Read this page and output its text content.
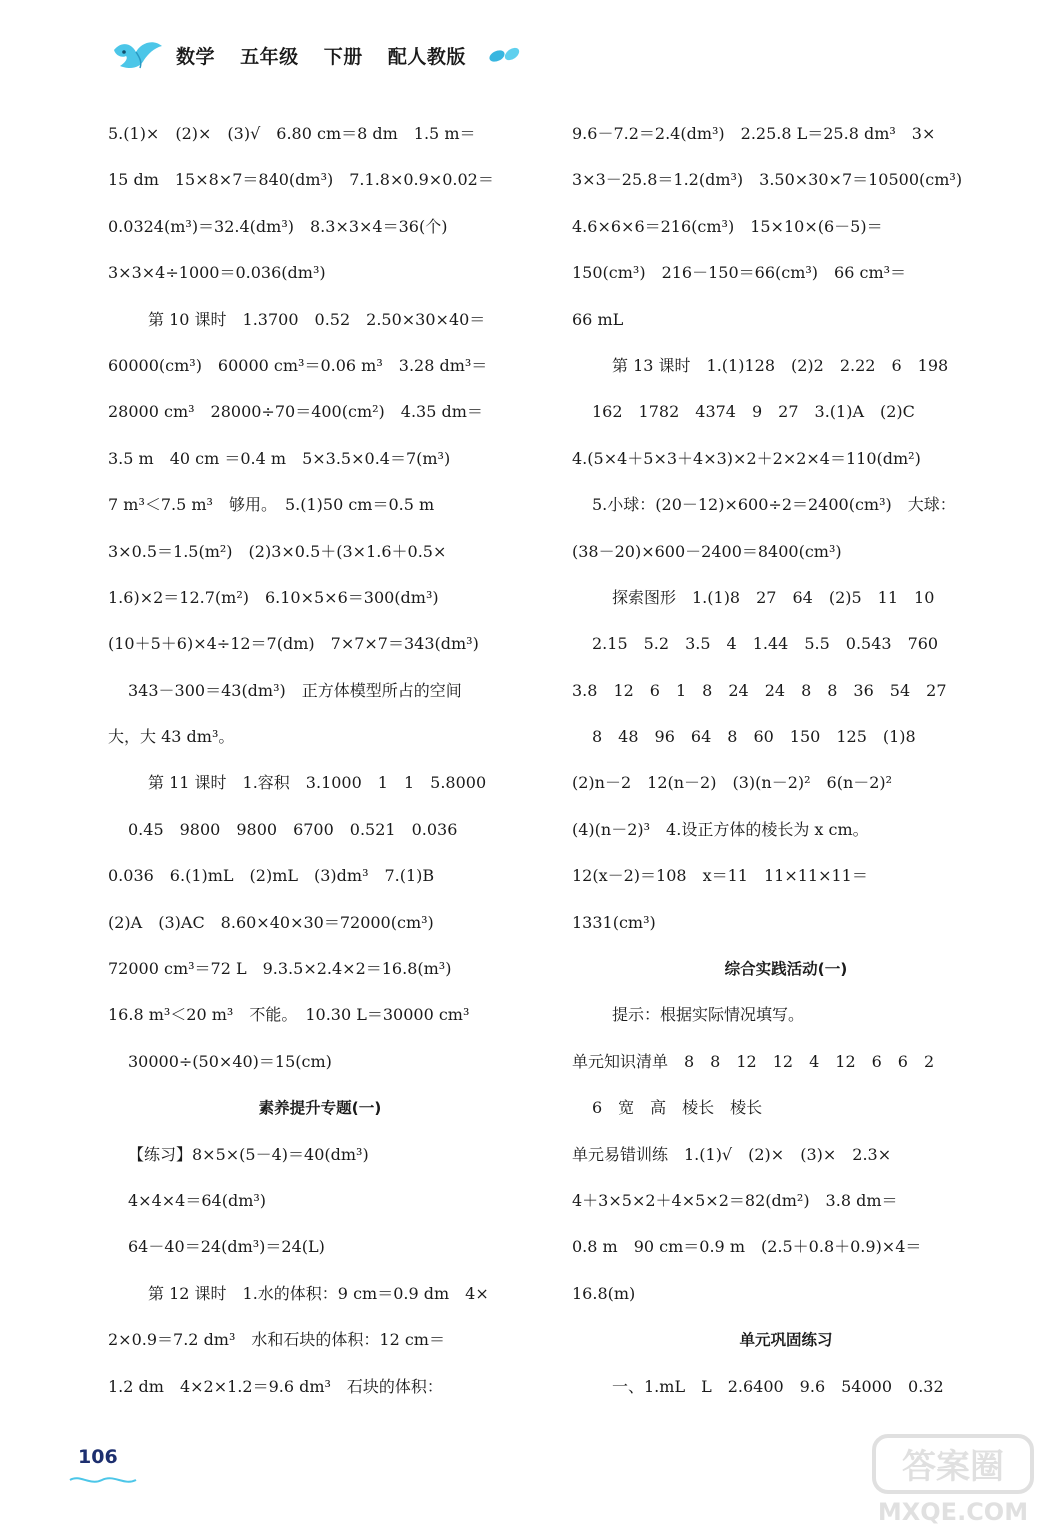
数学 五年级 下册 配人教版
5.(1)×　(2)×　(3)√　6.80 cm＝8 dm　1.5 m＝
15 dm　15×8×7＝840(dm³)　7.1.8×0.9×0.02＝
0.0324(m³)＝32.4(dm³)　8.3×3×4＝36(个)
3×3×4÷1000＝0.036(dm³)
第 10 课时　1.3700　0.52　2.50×30×40＝
60000(cm³)　60000 cm³＝0.06 m³　3.28 dm³＝
28000 cm³　28000÷70＝400(cm²)　4.35 dm＝
3.5 m　40 cm ＝0.4 m　5×3.5×0.4＝7(m³)
7 m³＜7.5 m³　够用。　5.(1)50 cm＝0.5 m
3×0.5＝1.5(m²)　(2)3×0.5＋(3×1.6＋0.5×
1.6)×2＝12.7(m²)　6.10×5×6＝300(dm³)
(10＋5＋6)×4÷12＝7(dm)　7×7×7＝343(dm³)
343－300＝43(dm³)　正方体模型所占的空间
大，大 43 dm³。
第 11 课时　1.容积　3.1000　1　1　5.8000
0.45　9800　9800　6700　0.521　0.036
0.036　6.(1)mL　(2)mL　(3)dm³　7.(1)B
(2)A　(3)AC　8.60×40×30＝72000(cm³)
72000 cm³＝72 L　9.3.5×2.4×2＝16.8(m³)
16.8 m³＜20 m³　不能。　10.30 L＝30000 cm³
30000÷(50×40)＝15(cm)
素养提升专题(一)
【练习】8×5×(5－4)＝40(dm³)
4×4×4＝64(dm³)
64－40＝24(dm³)＝24(L)
第 12 课时　1.水的体积：9 cm＝0.9 dm　4×
2×0.9＝7.2 dm³　水和石块的体积：12 cm＝
1.2 dm　4×2×1.2＝9.6 dm³　石块的体积：
9.6－7.2＝2.4(dm³)　2.25.8 L＝25.8 dm³　3×
3×3－25.8＝1.2(dm³)　3.50×30×7＝10500(cm³)
4.6×6×6＝216(cm³)　15×10×(6－5)＝
150(cm³)　216－150＝66(cm³)　66 cm³＝
66 mL
第 13 课时　1.(1)128　(2)2　2.22　6　198
162　1782　4374　9　27　3.(1)A　(2)C
4.(5×4＋5×3＋4×3)×2＋2×2×4＝110(dm²)
5.小球：(20－12)×600÷2＝2400(cm³)　大球：
(38－20)×600－2400＝8400(cm³)
探索图形　1.(1)8　27　64　(2)5　11　10
2.15　5.2　3.5　4　1.44　5.5　0.543　760
3.8　12　6　1　8　24　24　8　8　36　54　27
8　48　96　64　8　60　150　125　(1)8
(2)n－2　12(n－2)　(3)(n－2)²　6(n－2)²
(4)(n－2)³　4.设正方体的棱长为 x cm。
12(x－2)＝108　x＝11　11×11×11＝
1331(cm³)
综合实践活动(一)
提示：根据实际情况填写。
单元知识清单　8　8　12　12　4　12　6　6　2
6　宽　高　棱长　棱长
单元易错训练　1.(1)√　(2)×　(3)×　2.3×
4＋3×5×2＋4×5×2＝82(dm²)　3.8 dm＝
0.8 m　90 cm＝0.9 m　(2.5＋0.8＋0.9)×4＝
16.8(m)
单元巩固练习
一、1.mL　L　2.6400　9.6　54000　0.32
106	答案圈
MXQE.COM
